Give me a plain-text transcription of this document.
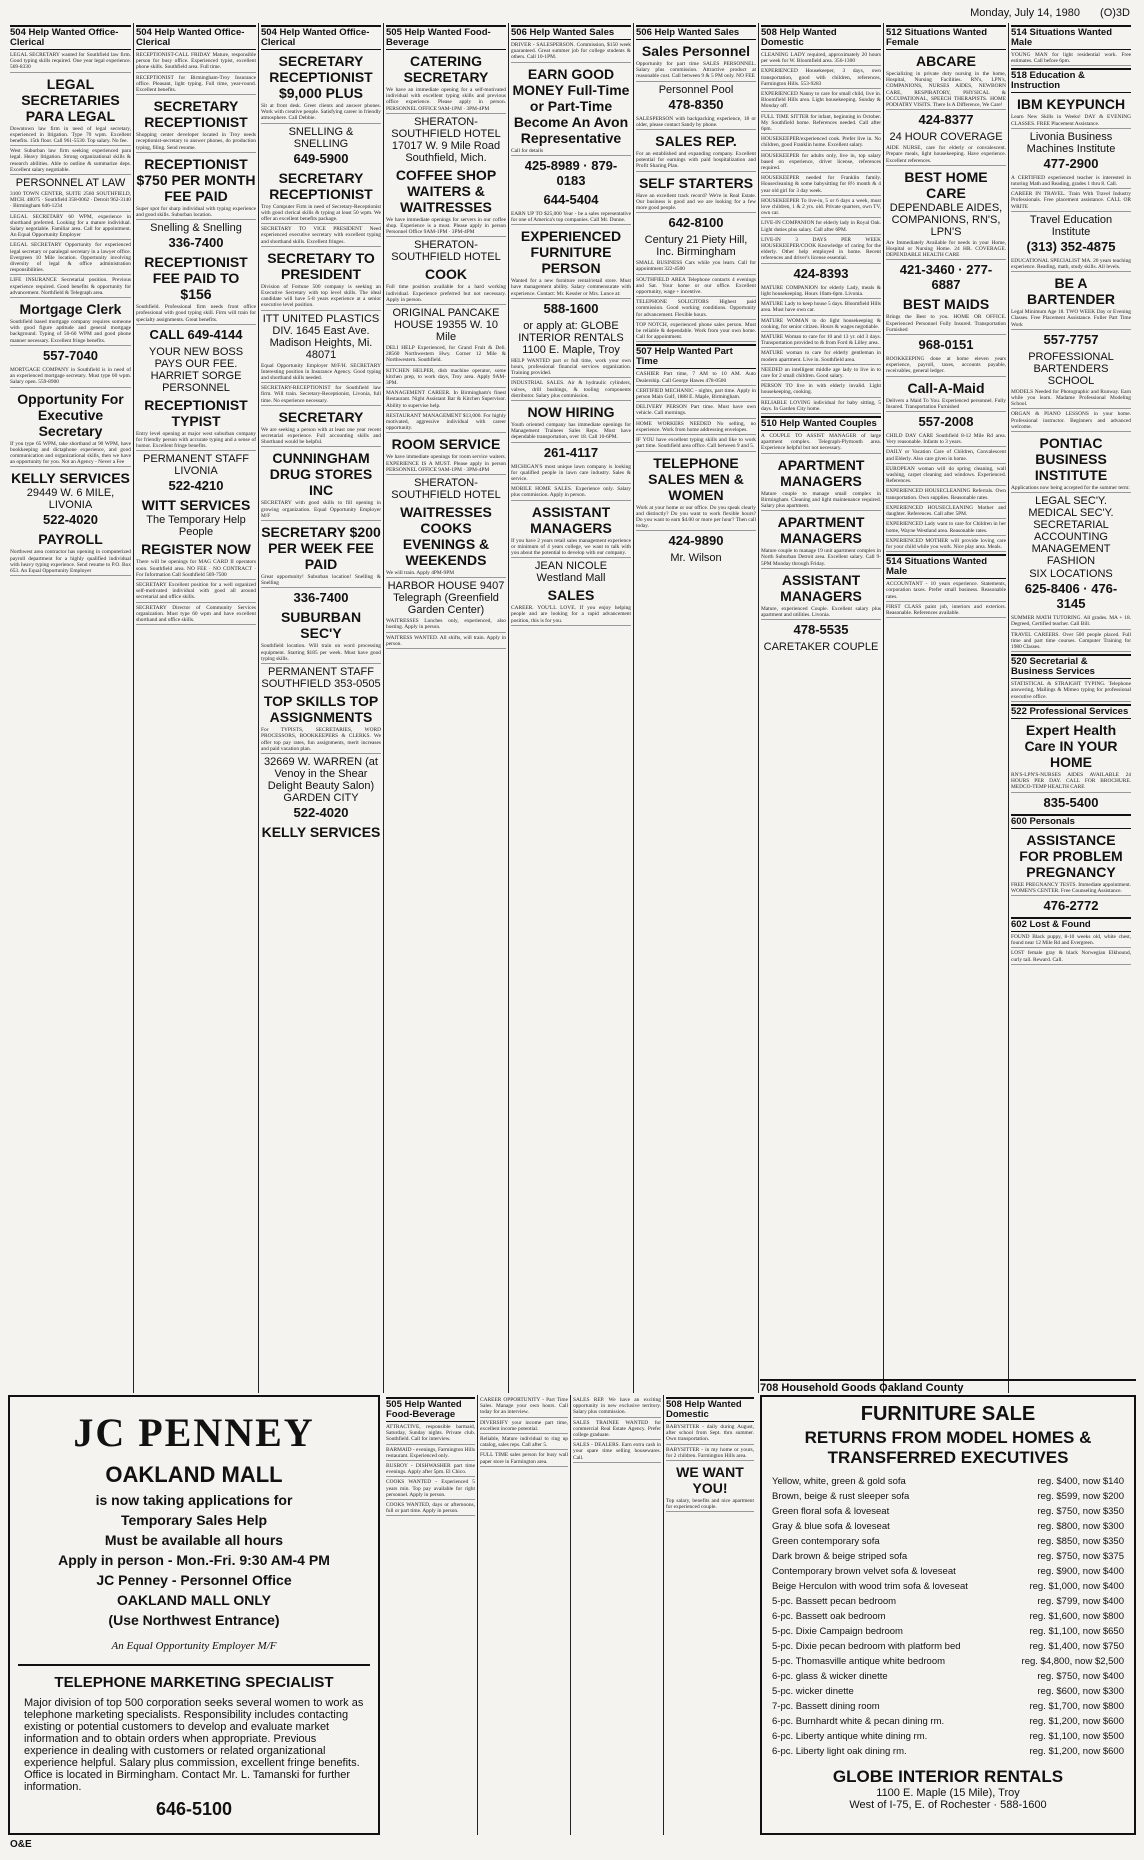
Monday, July 14, 1980 (O)3D
504 Help Wanted Office-Clerical
LEGAL SECRETARY wanted for Southfield law firm. Good typing skills required. One year legal experience. 569-8330
LEGAL SECRETARIES PARA LEGAL
Downtown law firm in need of legal secretary, experienced in litigation. Type 70 wpm. Excellent benefits. 15th floor. Call 961-5530. Top salary. No fee.
West Suburban law firm seeking experienced para legal. Heavy litigation. Strong organizational skills & research abilities. Able to outline & summarize deps. Excellent salary negotiable.
PERSONNEL AT LAW
3100 TOWN CENTER, SUITE 2560 SOUTHFIELD, MICH. 48075 · Southfield 358-0062 · Detroit 962-3140 · Birmingham 646-1234
LEGAL SECRETARY 60 WPM, experience in shorthand preferred. Looking for a mature individual. Salary negotiable. Familiar area. Call for appointment. An Equal Opportunity Employer
LEGAL SECRETARY Opportunity for experienced legal secretary or paralegal secretary in a lawyer office. Evergreen 10 Mile location. Opportunity involving diversity of legal & office administration responsibilities.
LIFE INSURANCE Secretarial position. Previous experience required. Good benefits & opportunity for advancement. Northfield & Telegraph area.
Mortgage Clerk
Southfield based mortgage company requires someone with good figure aptitude and general mortgage background. Typing of 50-60 WPM and good phone manner necessary. Excellent fringe benefits.
557-7040
MORTGAGE COMPANY in Southfield is in need of an experienced mortgage secretary. Must type 60 wpm. Salary open. 559-8900
Opportunity For Executive Secretary
If you type 65 WPM, take shorthand at 90 WPM, have bookkeeping and dictaphone experience, and good communication and organizational skills, then we have an opportunity for you. Not an Agency - Never a Fee
KELLY SERVICES
29449 W. 6 MILE, LIVONIA
522-4020
PAYROLL
Northwest area contractor has opening in computerized payroll department for a highly qualified individual with heavy typing experience. Send resume to P.O. Box 653. An Equal Opportunity Employer
504 Help Wanted Office-Clerical
RECEPTIONIST-CALL FRIDAY Mature, responsible person for busy office. Experienced typist, excellent phone skills. Southfield area. Full time.
RECEPTIONIST for Birmingham-Troy Insurance office. Pleasant, light typing. Full time, year-round. Excellent benefits.
SECRETARY RECEPTIONIST
Shopping center developer located in Troy needs receptionist-secretary to answer phones, do production typing, filing. Send resume.
RECEPTIONIST $750 PER MONTH FEE PAID
Super spot for sharp individual with typing experience and good skills. Suburban location.
Snelling & Snelling
336-7400
RECEPTIONIST FEE PAID TO $156
Southfield. Professional firm needs front office professional with good typing skill. Firm will train for specialty assignments. Great benefits.
CALL 649-4144
YOUR NEW BOSS PAYS OUR FEE. HARRIET SORGE PERSONNEL
RECEPTIONIST TYPIST
Entry level opening at major west suburban company for friendly person with accurate typing and a sense of humor. Excellent fringe benefits.
PERMANENT STAFF LIVONIA
522-4210
WITT SERVICES
The Temporary Help People
REGISTER NOW
There will be openings for MAG CARD II operators soon. Southfield area. NO FEE · NO CONTRACT · For Information Call Southfield 569-7500
SECRETARY Excellent position for a well organized self-motivated individual with good all around secretarial and office skills.
SECRETARY Director of Community Services organization. Must type 60 wpm and have excellent shorthand and office skills.
504 Help Wanted Office-Clerical
SECRETARY RECEPTIONIST $9,000 PLUS
Sit at front desk. Greet clients and answer phones. Work with creative people. Satisfying career in friendly atmosphere. Call Debbie.
SNELLING & SNELLING
649-5900
SECRETARY RECEPTIONIST
Troy Computer Firm in need of Secretary-Receptionist with good clerical skills & typing at least 50 wpm. We offer an excellent benefits package.
SECRETARY TO VICE PRESIDENT Need experienced executive secretary with excellent typing and shorthand skills. Excellent fringes.
SECRETARY TO PRESIDENT
Division of Fortune 500 company is seeking an Executive Secretary with top level skills. The ideal candidate will have 5-8 years experience at a senior executive level position.
ITT UNITED PLASTICS DIV. 1645 East Ave. Madison Heights, Mi. 48071
Equal Opportunity Employer M/F/H. SECRETARY Interesting position in Insurance Agency. Good typing and shorthand skills needed.
SECRETARY-RECEPTIONIST for Southfield law firm. Will train. Secretary-Receptionist, Livonia, full time. No experience necessary.
SECRETARY
We are seeking a person with at least one year recent secretarial experience. Full accounting skills and Shorthand would be helpful.
CUNNINGHAM DRUG STORES INC
SECRETARY with good skills to fill opening in growing organization. Equal Opportunity Employer M/F
SECRETARY $200 PER WEEK FEE PAID
Great opportunity! Suburban location! Snelling & Snelling
336-7400
SUBURBAN SEC'Y
Southfield location. Will train on word processing equipment. Starting $185 per week. Must have good typing skills.
PERMANENT STAFF SOUTHFIELD 353-0505
TOP SKILLS TOP ASSIGNMENTS
For TYPISTS, SECRETARIES, WORD PROCESSORS, BOOKKEEPERS & CLERKS. We offer top pay rates, fun assignments, merit increases and paid vacation plan.
32669 W. WARREN (at Venoy in the Shear Delight Beauty Salon) GARDEN CITY
522-4020
KELLY SERVICES
505 Help Wanted Food-Beverage
CATERING SECRETARY
We have an immediate opening for a self-motivated individual with excellent typing skills and previous office experience. Please apply in person. PERSONNEL OFFICE 9AM-1PM · 3PM-4PM
SHERATON-SOUTHFIELD HOTEL 17017 W. 9 Mile Road Southfield, Mich.
COFFEE SHOP WAITERS & WAITRESSES
We have immediate openings for servers in our coffee shop. Experience is a must. Please apply in person Personnel Office 9AM-1PM · 3PM-4PM
SHERATON-SOUTHFIELD HOTEL
COOK
Full time position available for a hard working individual. Experience preferred but not necessary. Apply in person.
ORIGINAL PANCAKE HOUSE 19355 W. 10 Mile
DELI HELP Experienced, for Grand Fruit & Deli. 28560 Northwestern Hwy. Corner 12 Mile & Northwestern. Southfield.
KITCHEN HELPER, dish machine operator, some kitchen prep, to work days, Troy area. Apply 9AM-3PM.
MANAGEMENT CAREER. In Birmingham's finest Restaurant. Night Assistant Bar & Kitchen Supervisor. Ability to supervise help.
RESTAURANT MANAGEMENT $13,000. For highly motivated, aggressive individual with career opportunity.
ROOM SERVICE
We have immediate openings for room service waiters. EXPERIENCE IS A MUST. Please apply in person PERSONNEL OFFICE 9AM-1PM · 3PM-4PM
SHERATON-SOUTHFIELD HOTEL
WAITRESSES COOKS EVENINGS & WEEKENDS
We will train. Apply 4PM-9PM
HARBOR HOUSE 9407 Telegraph (Greenfield Garden Center)
WAITRESSES Lunches only, experienced, also hosting. Apply in person.
WAITRESS WANTED. All shifts, will train. Apply in person.
506 Help Wanted Sales
DRIVER - SALESPERSON. Commission, $150 week guaranteed. Great summer job for college students & others. Call 10-1PM.
EARN GOOD MONEY Full-Time or Part-Time Become An Avon Representative
Call for details
425-8989 · 879-0183
644-5404
EARN UP TO $25,000 Year - be a sales representative for one of America's top companies. Call Mr. Dunne.
EXPERIENCED FURNITURE PERSON
Wanted for a new furniture rental/retail store. Must have management ability. Salary commensurate with experience. Contact: Mr. Kessler or Mrs. Lunce at:
588-1600
or apply at: GLOBE INTERIOR RENTALS 1100 E. Maple, Troy
HELP WANTED part or full time, work your own hours, professional financial services organization. Training provided.
INDUSTRIAL SALES. Air & hydraulic cylinders, valves, drill bushings, & tooling components distributor. Salary plus commission.
NOW HIRING
Youth oriented company has immediate openings for Management Trainees Sales Reps. Must have dependable transportation, over 18. Call 10-6PM.
261-4117
MICHIGAN'S most unique lawn company is looking for qualified people in lawn care industry. Sales & service.
MOBILE HOME SALES. Experience only. Salary plus commission. Apply in person.
ASSISTANT MANAGERS
If you have 2 years retail sales management experience or minimum of 4 years college, we want to talk with you about the potential to develop with our company.
JEAN NICOLE Westland Mall
SALES
CAREER. YOU'LL LOVE. If you enjoy helping people and are looking for a rapid advancement position, this is for you.
506 Help Wanted Sales
Sales Personnel
Opportunity for part time SALES PERSONNEL. Salary plus commission. Attractive product at reasonable cost. Call between 9 & 5 PM only. NO FEE
Personnel Pool
478-8350
SALESPERSON with backpacking experience, 18 or older, please contact Sandy by phone.
SALES REP.
For an established and expanding company. Excellent potential for earnings with paid hospitalization and Profit Sharing Plan.
SELF STARTERS
Have an excellent track record? We're in Real Estate. Our business is good and we are looking for a few more good people.
642-8100
Century 21 Piety Hill, Inc. Birmingham
SMALL BUSINESS Cars while you learn. Call for appointment 322-4500
SOUTHFIELD AREA Telephone contacts 4 evenings and Sat. Your home or our office. Excellent opportunity, wage + incentive.
TELEPHONE SOLICITORS Highest paid commission. Good working conditions. Opportunity for advancement. Flexible hours.
TOP NOTCH, experienced phone sales person. Must be reliable & dependable. Work from your own home. Call for appointment.
507 Help Wanted Part Time
CASHIER Part time, 7 AM to 10 AM. Auto Dealership. Call George Hawes 478-0500
CERTIFIED MECHANIC - nights, part time. Apply in person Main Gulf, 1888 E. Maple, Birmingham.
DELIVERY PERSON Part time. Must have own vehicle. Call mornings.
HOME WORKERS NEEDED No selling, no experience. Work from home addressing envelopes.
IF YOU have excellent typing skills and like to work part time. Southfield area office. Call between 9 and 5.
TELEPHONE SALES MEN & WOMEN
Work at your home or our office. Do you speak clearly and distinctly? Do you want to work flexible hours? Do you want to earn $4.00 or more per hour? Then call today.
424-9890
Mr. Wilson
508 Help Wanted Domestic
CLEANING LADY required, approximately 20 hours per week for W. Bloomfield area. 356-1300
EXPERIENCED Housekeeper, 3 days, own transportation, good with children, references, Farmington Hills. 553-9283
EXPERIENCED Nanny to care for small child, live in. Bloomfield Hills area. Light housekeeping. Sunday & Monday off.
FULL TIME SITTER for infant, beginning in October. My Southfield home. References needed. Call after 6pm.
HOUSEKEEPER/experienced cook. Prefer live in. No children, good Franklin home. Excellent salary.
HOUSEKEEPER for adults only, live in, top salary based on experience, driver license, references required.
HOUSEKEEPER needed for Franklin family. Housecleaning & some babysitting for 8½ month & 4 year old girl for 3 day week.
HOUSEKEEPER To live-in, 5 or 6 days a week, must love children, 1 & 2 yrs. old. Private quarters, own TV, own car.
LIVE-IN COMPANION for elderly lady in Royal Oak. Light duties plus salary. Call after 6PM.
LIVE-IN 3 DAYS PER WEEK HOUSEKEEPER/COOK Knowledge of caring for the elderly. Other help employed in home. Recent references and driver's license essential.
424-8393
MATURE COMPANION for elderly Lady, meals & light housekeeping. Hours 10am-6pm. Livonia.
MATURE Lady to keep house 5 days. Bloomfield Hills area. Must have own car.
MATURE WOMAN to do light housekeeping & cooking, for senior citizen. Hours & wages negotiable.
MATURE Woman to care for 10 and 13 yr. old 3 days. Transportation provided to & from Ford & Lilley area.
MATURE woman to care for elderly gentleman in modern apartment. Live in. Southfield area.
NEEDED an intelligent middle age lady to live in to care for 2 small children. Good salary.
PERSON TO live in with elderly invalid. Light housekeeping, cooking.
RELIABLE LOVING individual for baby sitting, 5 days. In Garden City home.
510 Help Wanted Couples
A COUPLE TO ASSIST MANAGER of large apartment complex. Telegraph-Plymouth area. Experience helpful but not necessary.
APARTMENT MANAGERS
Mature couple to manage small complex in Birmingham. Cleaning and light maintenance required. Salary plus apartment.
APARTMENT MANAGERS
Mature couple to manage 19 unit apartment complex in North Suburban Detroit area. Excellent salary. Call 9-5PM Monday through Friday.
ASSISTANT MANAGERS
Mature, experienced Couple. Excellent salary plus apartment and utilities. Livonia.
478-5535
CARETAKER COUPLE
512 Situations Wanted Female
ABCARE
Specializing in private duty nursing in the home, Hospital, Nursing Facilities. RN's, LPN's, COMPANIONS, NURSES AIDES, NEWBORN CARE, RESPIRATORY, PHYSICAL & OCCUPATIONAL, SPEECH THERAPISTS. HOME PODIATRY VISITS. There Is A Difference, We Care!
424-8377
24 HOUR COVERAGE
AIDE NURSE, care for elderly or convalescent. Prepare meals, light housekeeping. Have experience. Excellent references.
BEST HOME CARE
DEPENDABLE AIDES, COMPANIONS, RN'S, LPN'S
Are Immediately Available for needs in your Home, Hospital or Nursing Home. 24 HR. COVERAGE. DEPENDABLE HEALTH CARE
421-3460 · 277-6887
BEST MAIDS
Brings the Best to you. HOME OR OFFICE. Experienced Personnel Fully Insured. Transportation Furnished
968-0151
BOOKKEEPING done at home eleven years experience, payroll, taxes, accounts payable, receivables, general ledger.
Call-A-Maid
Delivers a Maid To You. Experienced personnel. Fully Insured. Transportation Furnished
557-2008
CHILD DAY CARE Southfield 8-12 Mile Rd area. Very reasonable. Infants to 3 years.
DAILY or Vacation Care of Children, Convalescent and Elderly. Also care given in home.
EUROPEAN woman will do spring cleaning, wall washing, carpet cleaning and windows. Experienced. References.
EXPERIENCED HOUSECLEANING Referrals. Own transportation. Own supplies. Reasonable rates.
EXPERIENCED HOUSECLEANING Mother and daughter. References. Call after 5PM.
EXPERIENCED Lady want to care for Children in her home, Wayne Westland area. Reasonable rates.
EXPERIENCED MOTHER will provide loving care for your child while you work. Nice play area. Meals.
514 Situations Wanted Male
ACCOUNTANT - 10 years experience. Statements, corporation taxes. Prefer small business. Reasonable rates.
FIRST CLASS paint job, interiors and exteriors. Reasonable. References available.
514 Situations Wanted Male
YOUNG MAN for light residential work. Free estimates. Call before 6pm.
518 Education & Instruction
IBM KEYPUNCH
Learn New Skills in Weeks! DAY & EVENING CLASSES. FREE Placement Assistance.
Livonia Business Machines Institute
477-2900
A CERTIFIED experienced teacher is interested in tutoring Math and Reading, grades 1 thru 8. Call.
CAREER IN TRAVEL. Train With Travel Industry Professionals. Free placement assistance. CALL OR WRITE
Travel Education Institute
(313) 352-4875
EDUCATIONAL SPECIALIST MA. 20 years teaching experience. Reading, math, study skills. All levels.
BE A BARTENDER
Legal Minimum Age 18. TWO WEEK Day or Evening Classes. Free Placement Assistance. Fuller Part Time Work
557-7757
PROFESSIONAL BARTENDERS SCHOOL
MODELS Needed for Photographic and Runway. Earn while you learn. Madame Professional Modeling School.
ORGAN & PIANO LESSONS in your home. Professional instructor. Beginners and advanced welcome.
PONTIAC BUSINESS INSTITUTE
Applications now being accepted for the summer term:
LEGAL SEC'Y. MEDICAL SEC'Y. SECRETARIAL ACCOUNTING MANAGEMENT FASHION
SIX LOCATIONS
625-8406 · 476-3145
SUMMER MATH TUTORING. All grades. MA + 18. Degreed, Certified teacher. Call Bill.
TRAVEL CAREERS. Over 500 people placed. Full time and part time courses. Computer Training for 1980 Classes.
520 Secretarial & Business Services
STATISTICAL & STRAIGHT TYPING. Telephone answering, Mailings & Mimeo typing for professional executive office.
522 Professional Services
Expert Health Care IN YOUR HOME
RN'S-LPN'S-NURSES AIDES AVAILABLE 24 HOURS PER DAY. CALL FOR BROCHURE. MEDCO-TEMP HEALTH CARE
835-5400
600 Personals
ASSISTANCE FOR PROBLEM PREGNANCY
FREE PREGNANCY TESTS. Immediate appointment. WOMEN'S CENTER. Free Counseling Assistance.
476-2772
602 Lost & Found
FOUND Black puppy, 8-10 weeks old, white chest, found near 12 Mile Rd and Evergreen.
LOST female gray & black Norwegian Elkhound, curly tail. Reward. Call.
JC PENNEY
OAKLAND MALL

is now taking applications for

Temporary Sales Help

Must be available all hours

Apply in person - Mon.-Fri. 9:30 AM-4 PM

JC Penney - Personnel Office

OAKLAND MALL ONLY

(Use Northwest Entrance)

An Equal Opportunity Employer M/F
TELEPHONE MARKETING SPECIALIST
Major division of top 500 corporation seeks several women to work as telephone marketing specialists. Responsibility includes contacting existing or potential customers to develop and evaluate market information and to obtain orders when appropriate. Previous experience in dealing with customers or related organizational experience helpful. Salary plus commission, excellent fringe benefits. Office is located in Birmingham. Contact Mr. L. Tamanski for further information.
646-5100
505 Help Wanted Food-Beverage
ATTRACTIVE, responsible barmaid, Saturday, Sunday nights. Private club. Southfield. Call for interview.
BARMAID - evenings, Farmington Hills restaurant. Experienced only.
BUSBOY - DISHWASHER part time evenings. Apply after 5pm. El Chico.
COOKS WANTED - Experienced 5 years min. Top pay available for right personnel. Apply in person.
COOKS WANTED, days or afternoons, full or part time. Apply in person.
CAREER OPPORTUNITY - Part Time Sales. Manage your own hours. Call today for an interview.
DIVERSIFY your income part time, excellent income potential.
Reliable, Mature individual to ring up catalog, sales reps. Call after 5.
FULL TIME sales person for busy wall paper store in Farmington area.
SALES REP. We have an exciting opportunity in new exclusive territory. Salary plus commission.
SALES TRAINEE WANTED for commercial Real Estate Agency. Prefer college graduate.
SALES - DEALERS. Earn extra cash in your spare time selling housewares. Call.
508 Help Wanted Domestic
BABYSITTER - daily during August, after school from Sept. thru summer. Own transportation.
BABYSITTER - in my home or yours, for 2 children. Farmington Hills area.
WE WANT YOU!
Top salary, benefits and nice apartment for experienced couple.
708 Household Goods Oakland County
FURNITURE SALE
RETURNS FROM MODEL HOMES & TRANSFERRED EXECUTIVES
Yellow, white, green & gold sofa	reg. $400, now $140
Brown, beige & rust sleeper sofa	reg. $599, now $200
Green floral sofa & loveseat	reg. $750, now $350
Gray & blue sofa & loveseat	reg. $800, now $300
Green contemporary sofa	reg. $850, now $350
Dark brown & beige striped sofa	reg. $750, now $375
Contemporary brown velvet sofa & loveseat	reg. $900, now $400
Beige Herculon with wood trim sofa & loveseat	reg. $1,000, now $400
5-pc. Bassett pecan bedroom	reg. $799, now $400
6-pc. Bassett oak bedroom	reg. $1,600, now $800
5-pc. Dixie Campaign bedroom	reg. $1,100, now $650
5-pc. Dixie pecan bedroom with platform bed	reg. $1,400, now $750
5-pc. Thomasville antique white bedroom	reg. $4,800, now $2,500
6-pc. glass & wicker dinette	reg. $750, now $400
5-pc. wicker dinette	reg. $600, now $300
7-pc. Bassett dining room	reg. $1,700, now $800
6-pc. Burnhardt white & pecan dining rm.	reg. $1,200, now $600
6-pc. Liberty antique white dining rm.	reg. $1,100, now $500
6-pc. Liberty light oak dining rm.	reg. $1,200, now $600
GLOBE INTERIOR RENTALS
1100 E. Maple (15 Mile), Troy
West of I-75, E. of Rochester · 588-1600
O&E
